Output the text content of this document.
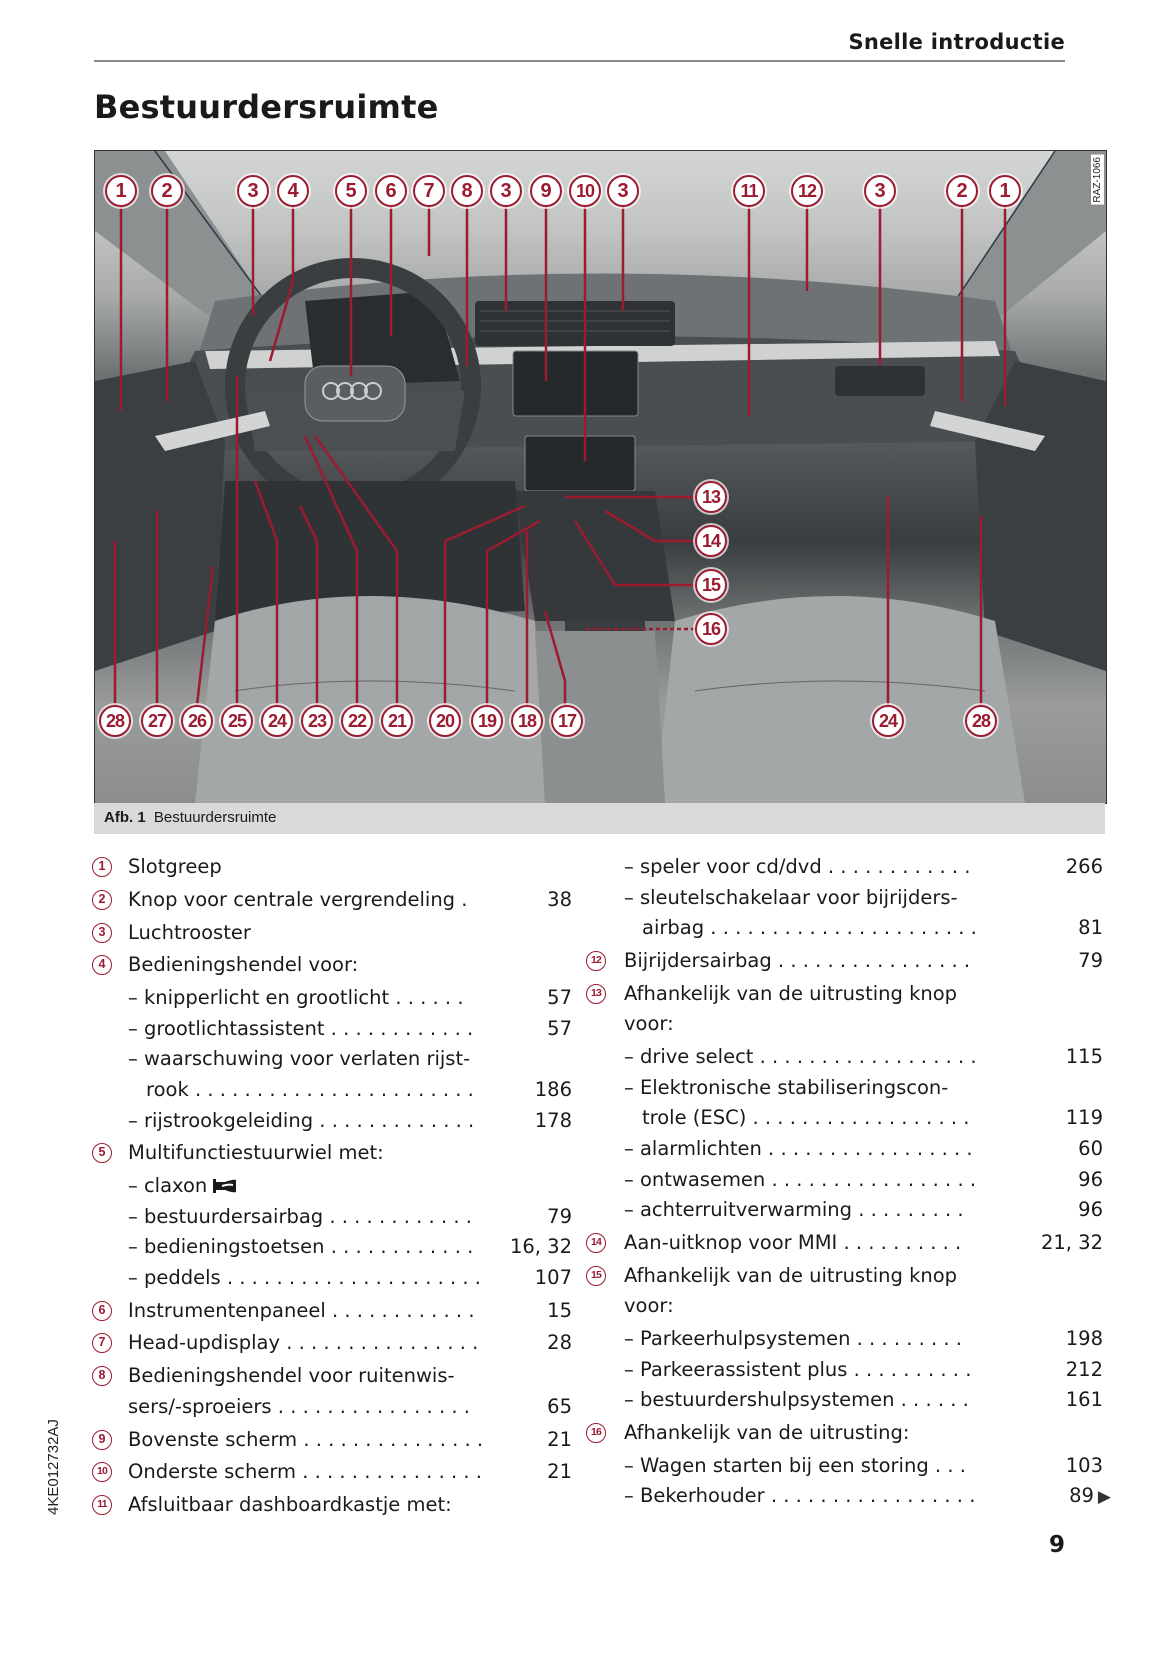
Snelle introductie
Bestuurdersruimte
RAZ-1066
1	2	3	4	5	6	7	8	3	9	10	3	11	12	3	2	1
13
14
15
16
28	27	26	25	24	23	22	21	20	19	18	17	24	28
Afb. 1 Bestuurdersruimte
1	Slotgreep
2	Knop voor centrale vergrendeling .	38
3	Luchtrooster
4	Bedieningshendel voor:
– knipperlicht en grootlicht . . . . . .	57
– grootlichtassistent . . . . . . . . . . . .	57
– waarschuwing voor verlaten rijst-
rook . . . . . . . . . . . . . . . . . . . . . . .	186
– rijstrookgeleiding . . . . . . . . . . . . .	178
5	Multifunctiestuurwiel met:
– claxon
– bestuurdersairbag . . . . . . . . . . . .	79
– bedieningstoetsen . . . . . . . . . . . . 16, 32
– peddels . . . . . . . . . . . . . . . . . . . . .	107
6	Instrumentenpaneel . . . . . . . . . . . .	15
7	Head-updisplay . . . . . . . . . . . . . . . .	28
8	Bedieningshendel voor ruitenwis-
sers/-sproeiers . . . . . . . . . . . . . . . .	65
9	Bovenste scherm . . . . . . . . . . . . . . .	21
10 Onderste scherm . . . . . . . . . . . . . . .	21
11 Afsluitbaar dashboardkastje met:
– speler voor cd/dvd . . . . . . . . . . . .	266
– sleutelschakelaar voor bijrijders-
airbag . . . . . . . . . . . . . . . . . . . . . .	81
12 Bijrijdersairbag . . . . . . . . . . . . . . . .	79
13 Afhankelijk van de uitrusting knop
voor:
– drive select . . . . . . . . . . . . . . . . . .	115
– Elektronische stabiliseringscon-
trole (ESC) . . . . . . . . . . . . . . . . . .	119
– alarmlichten . . . . . . . . . . . . . . . . .	60
– ontwasemen . . . . . . . . . . . . . . . . .	96
– achterruitverwarming . . . . . . . . .	96
14 Aan-uitknop voor MMI . . . . . . . . . .	21, 32
15 Afhankelijk van de uitrusting knop
voor:
– Parkeerhulpsystemen . . . . . . . . .	198
– Parkeerassistent plus . . . . . . . . . .	212
– bestuurdershulpsystemen . . . . . .	161
16 Afhankelijk van de uitrusting:
– Wagen starten bij een storing . . .	103
– Bekerhouder . . . . . . . . . . . . . . . . .	89 ▶
4KE012732AJ
9
